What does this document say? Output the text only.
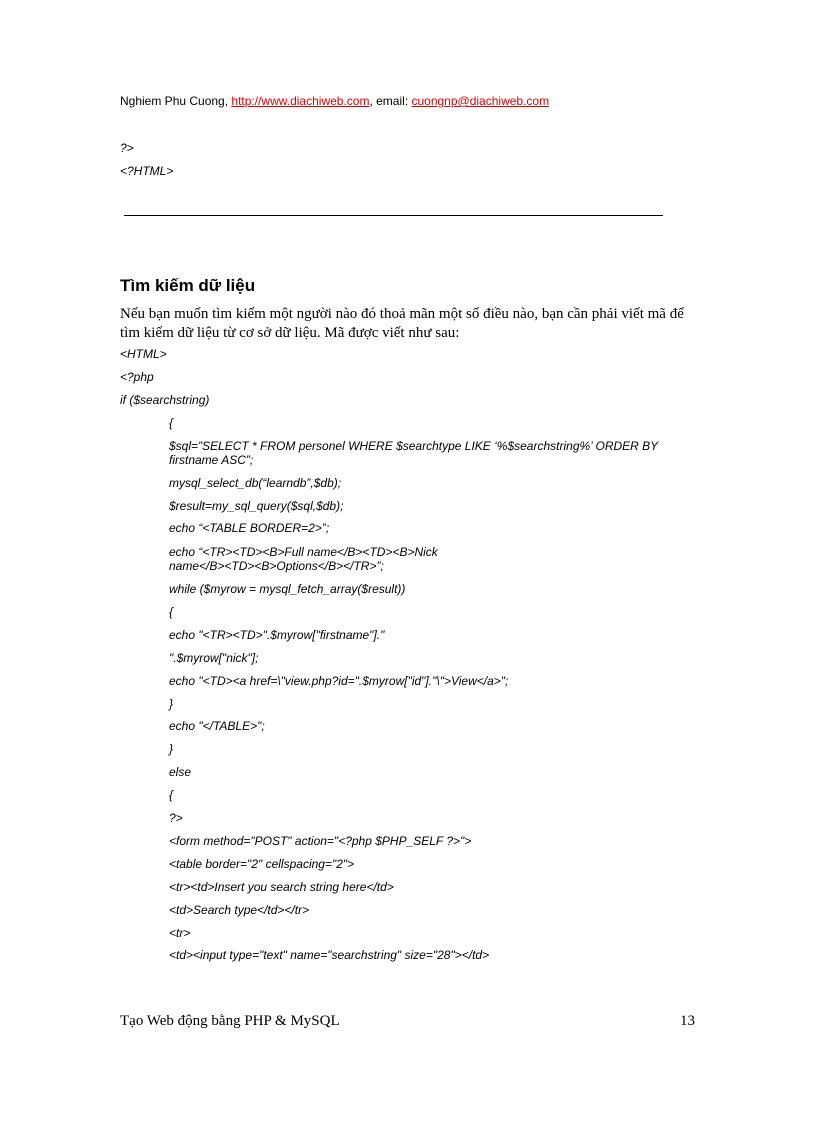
Nghiem Phu Cuong, http://www.diachiweb.com, email: cuongnp@diachiweb.com
?>
<?HTML>
Tìm kiếm dữ liệu
Nếu bạn muốn tìm kiếm một người nào đó thoả mãn một số điều nào, bạn cần phải viết mã để tìm kiếm dữ liệu từ cơ sở dữ liệu. Mã được viết như sau:
<HTML>
<?php
if ($searchstring)
{
$sql=”SELECT * FROM personel WHERE $searchtype LIKE ‘%$searchstring%’ ORDER BY firstname ASC”;
mysql_select_db(“learndb”,$db);
$result=my_sql_query($sql,$db);
echo “<TABLE BORDER=2>”;
echo “<TR><TD><B>Full name</B><TD><B>Nick name</B><TD><B>Options</B></TR>”;
while ($myrow = mysql_fetch_array($result))
{
echo "<TR><TD>".$myrow["firstname"]."
".$myrow["nick"];
echo "<TD><a href=\"view.php?id=".$myrow["id"]."\">View</a>";
}
echo "</TABLE>";
}
else
{
?>
<form method="POST" action="<?php $PHP_SELF ?>">
<table border="2" cellspacing="2">
<tr><td>Insert you search string here</td>
<td>Search type</td></tr>
<tr>
<td><input type="text" name="searchstring" size="28"></td>
Tạo Web động bằng PHP & MySQL	13
